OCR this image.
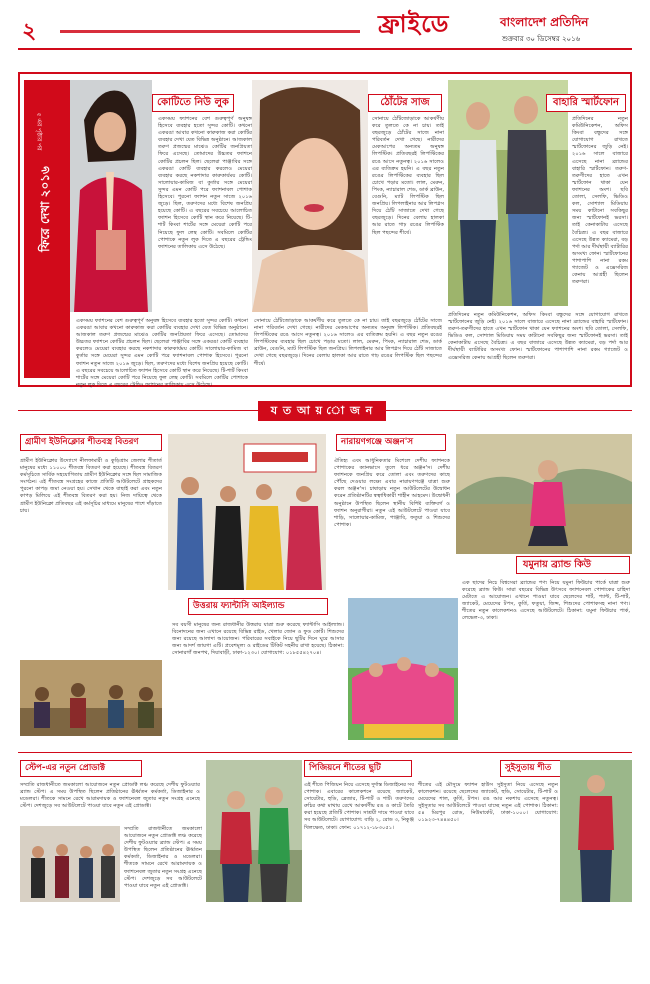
২	ফ্রাইডে	বাংলাদেশ প্রতিদিন
শুক্রবার ৩০ ডিসেম্বর ২০১৬
ফিরে দেখা ২০১৬
৫ এর পৃষ্ঠার পর
কোটিতে নিউ লুক
একসময় ফ্যাশনের বেশ গুরুত্বপূর্ণ অনুষঙ্গ হিসেবে ব্যবহার হতো সুন্দর কোটি। কখনো একরঙা আবার কখনো কারুকাজ করা কোটির ব্যবহার দেখা যেত বিভিন্ন অনুষ্ঠানে। আজকাল তরুণ প্রজন্মের মাঝেও কোটির জনপ্রিয়তা ফিরে এসেছে। তোমাদের উচ্চতর ফ্যাশনে কোটির প্রচলন ছিল। ছেলেরা পাঞ্জাবির সঙ্গে একরঙা কোটি ব্যবহার করলেও মেয়েরা ব্যবহার করছে নকশাদার কারুকার্যময় কোটি। সালোয়ার-কামিজ বা কুর্তার সঙ্গে মেয়েরা সুন্দর এমন কোটি পরে ফ্যাশনাবল পোশাক হিসেবে। পুরনো ফ্যাশন নতুন সাজে ২০১৬ জুড়ে। ছিল, তরুণদের মধ্যে বিশেষ জনপ্রিয় হয়েছে কোটি। এ বছরের সবচেয়ে আলোচিত ফ্যাশন হিসেবে কোটি স্থান করে নিয়েছে। টি-শার্ট কিংবা শার্টের সঙ্গে মেয়েরা কোটি পরে নিয়েছে ফুল লেন্থ কোটি। সবমিলে কোটির পোশাকে নতুন লুক দিতে এ বছরের ট্রেন্ডিং ফ্যাশনের তালিকায় এসে উঠেছে।
ঠোঁটের সাজ
সোনায়ে ঠোঁটজোড়াকে আকর্ষণীয় করে তুলতে কে না চায়। তাই বছরজুড়ে ঠোঁটের সাজে নানা পরিবর্তন দেখা গেছে। নারীদের মেকআপের অন্যতম অনুষঙ্গ লিপস্টিক। প্রতিবছরই লিপস্টিকের রঙে আসে নতুনত্ব। ২০১৬ সালেও এর ব্যতিক্রম হয়নি। এ বছর নতুন রঙের লিপস্টিকের ব্যবহার ছিল চোখে পড়ার মতো। লাল, মেরুন, পিংক, ন্যাচারাল শেড, ডার্ক ব্রাউন, বেগুনি, ম্যাট লিপস্টিক ছিল জনপ্রিয়। লিপলাইনার আর লিপগ্লস দিয়ে ঠোঁট সাজাতে দেখা গেছে বছরজুড়ে। দিনের বেলায় হালকা আর রাতে গাঢ় রঙের লিপস্টিক ছিল পছন্দের শীর্ষে।
বাহারি স্মার্টফোন
প্রতিদিনের নতুন কমিউনিকেশন, অফিস কিংবা বন্ধুদের সঙ্গে যোগাযোগ রাখতে স্মার্টফোনের জুড়ি নেই। ২০১৬ সালে বাজারে এসেছে নানা ব্র্যান্ডের বাহারি স্মার্টফোন। তরুণ-তরুণীদের হাতে এখন স্মার্টফোন থাকা যেন ফ্যাশনের অংশ। ছবি তোলা, সেলফি, ভিডিও কল, সোশ্যাল মিডিয়ায় সময় কাটানো সবকিছুর জন্য স্মার্টফোনই ভরসা। তাই কেনাকাটায় এসেছে বৈচিত্র্য। এ বছর বাজারে এসেছে উন্নত ক্যামেরা, বড় পর্দা আর দীর্ঘস্থায়ী ব্যাটারির অসংখ্য ফোন। স্মার্টফোনের পাশাপাশি নানা রকম গ্যাজেট ও এক্সেসরিজ কেনায় আগ্রহী ছিলেন তরুণরা।
একসময় ফ্যাশনের বেশ গুরুত্বপূর্ণ অনুষঙ্গ হিসেবে ব্যবহার হতো সুন্দর কোটি। কখনো একরঙা আবার কখনো কারুকাজ করা কোটির ব্যবহার দেখা যেত বিভিন্ন অনুষ্ঠানে। আজকাল তরুণ প্রজন্মের মাঝেও কোটির জনপ্রিয়তা ফিরে এসেছে। তোমাদের উচ্চতর ফ্যাশনে কোটির প্রচলন ছিল। ছেলেরা পাঞ্জাবির সঙ্গে একরঙা কোটি ব্যবহার করলেও মেয়েরা ব্যবহার করছে নকশাদার কারুকার্যময় কোটি। সালোয়ার-কামিজ বা কুর্তার সঙ্গে মেয়েরা সুন্দর এমন কোটি পরে ফ্যাশনাবল পোশাক হিসেবে। পুরনো ফ্যাশন নতুন সাজে ২০১৬ জুড়ে। ছিল, তরুণদের মধ্যে বিশেষ জনপ্রিয় হয়েছে কোটি। এ বছরের সবচেয়ে আলোচিত ফ্যাশন হিসেবে কোটি স্থান করে নিয়েছে। টি-শার্ট কিংবা শার্টের সঙ্গে মেয়েরা কোটি পরে নিয়েছে ফুল লেন্থ কোটি। সবমিলে কোটির পোশাকে নতুন লুক দিতে এ বছরের ট্রেন্ডিং ফ্যাশনের তালিকায় এসে উঠেছে।
সোনায়ে ঠোঁটজোড়াকে আকর্ষণীয় করে তুলতে কে না চায়। তাই বছরজুড়ে ঠোঁটের সাজে নানা পরিবর্তন দেখা গেছে। নারীদের মেকআপের অন্যতম অনুষঙ্গ লিপস্টিক। প্রতিবছরই লিপস্টিকের রঙে আসে নতুনত্ব। ২০১৬ সালেও এর ব্যতিক্রম হয়নি। এ বছর নতুন রঙের লিপস্টিকের ব্যবহার ছিল চোখে পড়ার মতো। লাল, মেরুন, পিংক, ন্যাচারাল শেড, ডার্ক ব্রাউন, বেগুনি, ম্যাট লিপস্টিক ছিল জনপ্রিয়। লিপলাইনার আর লিপগ্লস দিয়ে ঠোঁট সাজাতে দেখা গেছে বছরজুড়ে। দিনের বেলায় হালকা আর রাতে গাঢ় রঙের লিপস্টিক ছিল পছন্দের শীর্ষে।
প্রতিদিনের নতুন কমিউনিকেশন, অফিস কিংবা বন্ধুদের সঙ্গে যোগাযোগ রাখতে স্মার্টফোনের জুড়ি নেই। ২০১৬ সালে বাজারে এসেছে নানা ব্র্যান্ডের বাহারি স্মার্টফোন। তরুণ-তরুণীদের হাতে এখন স্মার্টফোন থাকা যেন ফ্যাশনের অংশ। ছবি তোলা, সেলফি, ভিডিও কল, সোশ্যাল মিডিয়ায় সময় কাটানো সবকিছুর জন্য স্মার্টফোনই ভরসা। তাই কেনাকাটায় এসেছে বৈচিত্র্য। এ বছর বাজারে এসেছে উন্নত ক্যামেরা, বড় পর্দা আর দীর্ঘস্থায়ী ব্যাটারির অসংখ্য ফোন। স্মার্টফোনের পাশাপাশি নানা রকম গ্যাজেট ও এক্সেসরিজ কেনায় আগ্রহী ছিলেন তরুণরা।
য ত আ য় ো জ ন
গ্রামীণ ইউনিক্লোর শীতবস্ত্র বিতরণ
গ্রামীণ ইউনিক্লোর উদ্যোগে নীলফামারী ও কুড়িগ্রাম জেলার শীতার্ত মানুষের মধ্যে ১১০০০ শীতবস্ত্র বিতরণ করা হয়েছে। শীতবস্ত্র বিতরণ কর্মসূচিতে সার্বিক সহযোগিতায় গ্রামীণ ইউনিক্লোর সঙ্গে ছিল সামাজিক সংগঠন। এই শীতবস্ত্র সংগ্রহের কাজে প্রতিটি আউটলেটে গ্রাহকদের পুরনো কাপড় জমা নেওয়া হয়। সেখান থেকে বাছাই করা এবং নতুন কাপড় মিলিয়ে এই শীতবস্ত্র বিতরণ করা হয়। নিজ দায়িত্বে থেকে গ্রামীণ ইউনিক্লো প্রতিবছর এই কর্মসূচির মাধ্যমে মানুষের পাশে দাঁড়াতে চায়।
নারায়ণগঞ্জে অঞ্জন'স
ঐতিহ্য এবং আধুনিকতার মিশেলে দেশীয় ফ্যাশনকে পোশাকের ক্যানভাসে তুলে ধরে অঞ্জন'স। দেশীয় ফ্যাশনকে জনপ্রিয় করে তোলা এবং তরুণদের কাছে পৌঁছে দেওয়ার লক্ষ্যে এবার নারায়ণগঞ্জে যাত্রা শুরু করল অঞ্জন'স। চাষাড়ায় নতুন আউটলেটের উদ্বোধন করেন প্রতিষ্ঠানটির স্বত্বাধিকারী শাহীন আহমেদ। উদ্বোধনী অনুষ্ঠানে উপস্থিত ছিলেন স্থানীয় বিশিষ্ট ব্যক্তিবর্গ ও ফ্যাশন অনুরাগীরা। নতুন এই আউটলেটে পাওয়া যাবে শাড়ি, সালোয়ার-কামিজ, পাঞ্জাবি, ফতুয়া ও শিশুদের পোশাক।
যমুনায় ব্র্যান্ড কিউ
এক ছাদের নিচে বিশ্বসেরা ব্র্যান্ডের পণ্য নিয়ে যমুনা ফিউচার পার্কে যাত্রা শুরু করেছে ব্র্যান্ড কিউ। সারা বছরের বিভিন্ন উৎসবে ফ্যাশনেবল পোশাকের চাহিদা মেটাতে এ আয়োজন। এখানে পাওয়া যাবে ছেলেদের শার্ট, প্যান্ট, টি-শার্ট, জ্যাকেট, মেয়েদের টপস, কুর্তি, ফতুয়া, জিন্স, শিশুদের পোশাকসহ নানা পণ্য। শীতের নতুন কালেকশনও এসেছে আউটলেটে। ঠিকানা: যমুনা ফিউচার পার্ক, লেভেল-৩, ঢাকা।
উত্তরায় ফ্যান্টাসি আইল্যান্ড
সব বয়সী মানুষের জন্য রাজধানীর উত্তরায় যাত্রা শুরু করেছে ফ্যান্টাসি আইল্যান্ড। বিনোদনের জন্য এখানে রয়েছে বিভিন্ন রাইড, খেলার জোন ও ফুড কোর্ট। শিশুদের জন্য রয়েছে আলাদা আয়োজন। পরিবারের সবাইকে নিয়ে ছুটির দিনে ঘুরে আসার জন্য আদর্শ জায়গা এটি। প্রবেশমূল্য ও রাইডের টিকিট সহনীয় রাখা হয়েছে। ঠিকানা: সোনারগাঁ জনপথ, দিয়াবাড়ী, ঢাকা-১২৩০। যোগাযোগ: ০১৮৫৫৪২৭০৪।
স্টেপ-এর নতুন প্রোডাক্ট
সম্প্রতি রাজধানীতে জমকালো আয়োজনে নতুন প্রোডাক্ট লঞ্চ করেছে দেশীয় ফুটওয়্যার ব্র্যান্ড স্টেপ। এ সময় উপস্থিত ছিলেন প্রতিষ্ঠানের ঊর্ধ্বতন কর্মকর্তা, ডিজাইনার ও মডেলরা। শীতকে সামনে রেখে আরামদায়ক ও ফ্যাশনেবল জুতার নতুন সংগ্রহ এনেছে স্টেপ। দেশজুড়ে সব আউটলেটে পাওয়া যাবে নতুন এই প্রোডাক্ট।
সম্প্রতি রাজধানীতে জমকালো আয়োজনে নতুন প্রোডাক্ট লঞ্চ করেছে দেশীয় ফুটওয়্যার ব্র্যান্ড স্টেপ। এ সময় উপস্থিত ছিলেন প্রতিষ্ঠানের ঊর্ধ্বতন কর্মকর্তা, ডিজাইনার ও মডেলরা। শীতকে সামনে রেখে আরামদায়ক ও ফ্যাশনেবল জুতার নতুন সংগ্রহ এনেছে স্টেপ। দেশজুড়ে সব আউটলেটে পাওয়া যাবে নতুন এই প্রোডাক্ট।
পিজিয়নে শীতের ছুটি
এই শীতে পিজিয়ন নিয়ে এসেছে দুর্দান্ত ডিজাইনের সব পোশাক। এবারের কালেকশনে রয়েছে জ্যাকেট, সোয়েটার, হুডি, ব্লেজার, টি-শার্ট ও শার্ট। তরুণদের রুচির কথা মাথায় রেখে আকর্ষণীয় রঙ ও কাটে তৈরি করা হয়েছে প্রতিটি পোশাক। সাশ্রয়ী দামে পাওয়া যাবে সব আউটলেটে। যোগাযোগ: বাড়ি ২, রোড ৩, নিকুঞ্জ খিলক্ষেত, ঢাকা। ফোন: ০১৭১২-১৮৩০৫১।
সুইসুতায় শীত
শীতের এই মৌসুমে ফ্যাশন হাউস সুইসুতা নিয়ে এসেছে নতুন কালেকশন। রয়েছে ছেলেদের জ্যাকেট, হুডি, সোয়েটার, টি-শার্ট ও মেয়েদের শাল, কুর্তি, টপস। রঙ আর নকশায় এসেছে নতুনত্ব। সুইসুতার সব আউটলেটে পাওয়া যাচ্ছে নতুন এই পোশাক। ঠিকানা: ৫৪ মিরপুর রোড, নিউমার্কেট, ঢাকা-১০০০। যোগাযোগ: ০১৯২৩-৭৪৪৪৫০।
